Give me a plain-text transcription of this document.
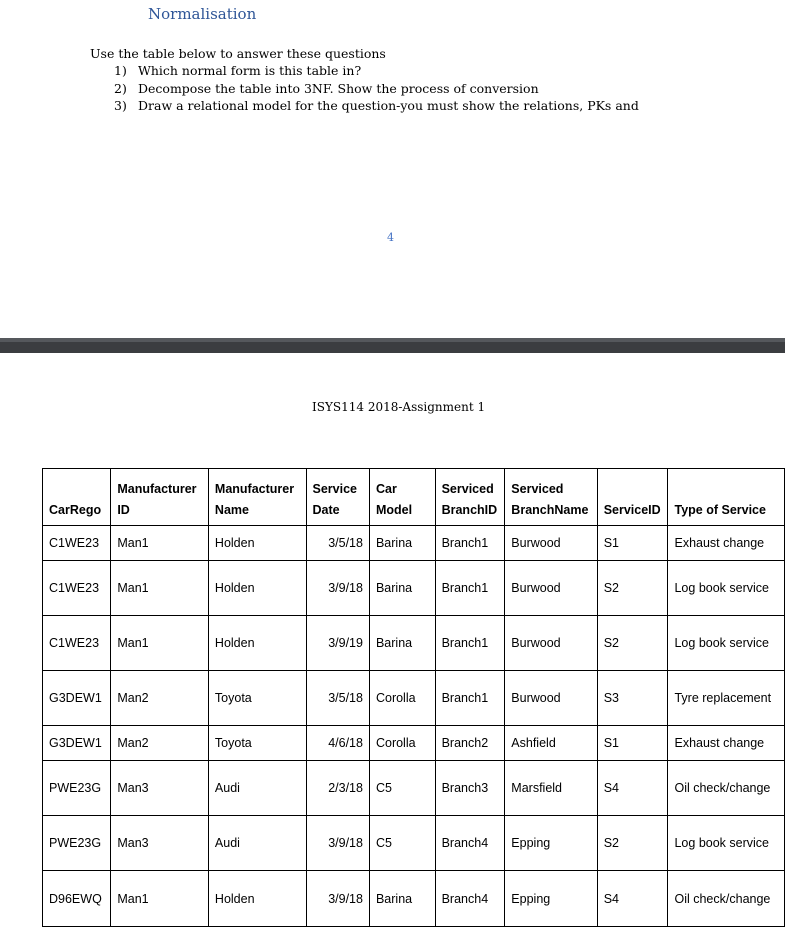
Normalisation
Use the table below to answer these questions
1) Which normal form is this table in?
2) Decompose the table into 3NF. Show the process of conversion
3) Draw a relational model for the question-you must show the relations, PKs and
4
ISYS114 2018-Assignment 1
CarRego	Manufacturer ID	Manufacturer Name	Service Date	Car Model	Serviced BranchID	Serviced BranchName	ServiceID	Type of Service
C1WE23	Man1	Holden	3/5/18	Barina	Branch1	Burwood	S1	Exhaust change
C1WE23	Man1	Holden	3/9/18	Barina	Branch1	Burwood	S2	Log book service
C1WE23	Man1	Holden	3/9/19	Barina	Branch1	Burwood	S2	Log book service
G3DEW1	Man2	Toyota	3/5/18	Corolla	Branch1	Burwood	S3	Tyre replacement
G3DEW1	Man2	Toyota	4/6/18	Corolla	Branch2	Ashfield	S1	Exhaust change
PWE23G	Man3	Audi	2/3/18	C5	Branch3	Marsfield	S4	Oil check/change
PWE23G	Man3	Audi	3/9/18	C5	Branch4	Epping	S2	Log book service
D96EWQ	Man1	Holden	3/9/18	Barina	Branch4	Epping	S4	Oil check/change
